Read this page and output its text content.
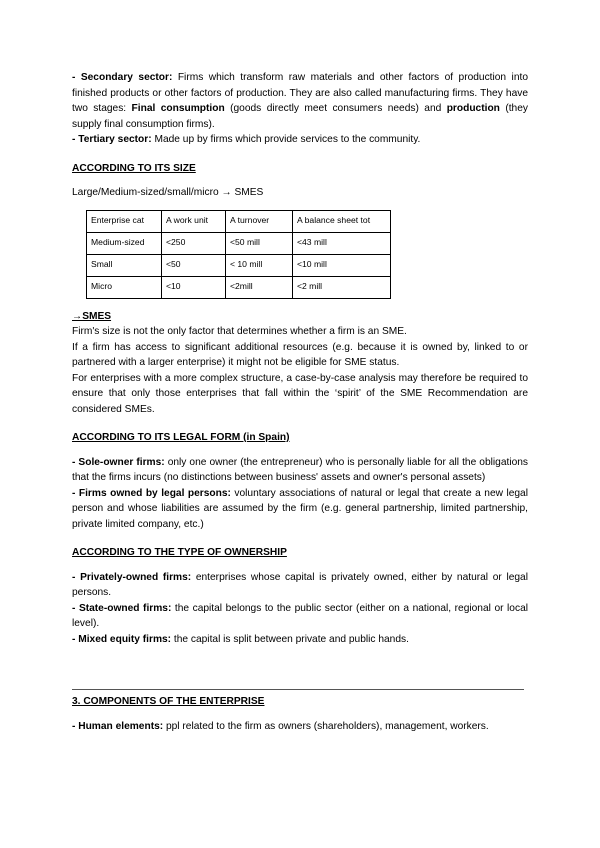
- Secondary sector: Firms which transform raw materials and other factors of production into finished products or other factors of production. They are also called manufacturing firms. They have two stages: Final consumption (goods directly meet consumers needs) and production (they supply final consumption firms).

- Tertiary sector: Made up by firms which provide services to the community.

ACCORDING TO ITS SIZE

Large/Medium-sized/small/micro → SMES

Enterprise cat	A work unit	A turnover	A balance sheet tot
Medium-sized	<250	<50 mill	<43 mill
Small	<50	< 10 mill	<10 mill
Micro	<10	<2mill	<2 mill

→SMES

Firm's size is not the only factor that determines whether a firm is an SME.

If a firm has access to significant additional resources (e.g. because it is owned by, linked to or partnered with a larger enterprise) it might not be eligible for SME status.

For enterprises with a more complex structure, a case-by-case analysis may therefore be required to ensure that only those enterprises that fall within the ‘spirit’ of the SME Recommendation are considered SMEs.

ACCORDING TO ITS LEGAL FORM (in Spain)

- Sole-owner firms: only one owner (the entrepreneur) who is personally liable for all the obligations that the firms incurs (no distinctions between business' assets and owner's personal assets)

- Firms owned by legal persons: voluntary associations of natural or legal that create a new legal person and whose liabilities are assumed by the firm (e.g. general partnership, limited partnership, private limited company, etc.)

ACCORDING TO THE TYPE OF OWNERSHIP

- Privately-owned firms: enterprises whose capital is privately owned, either by natural or legal persons.

- State-owned firms: the capital belongs to the public sector (either on a national, regional or local level).

- Mixed equity firms: the capital is split between private and public hands.

3. COMPONENTS OF THE ENTERPRISE

- Human elements: ppl related to the firm as owners (shareholders), management, workers.
